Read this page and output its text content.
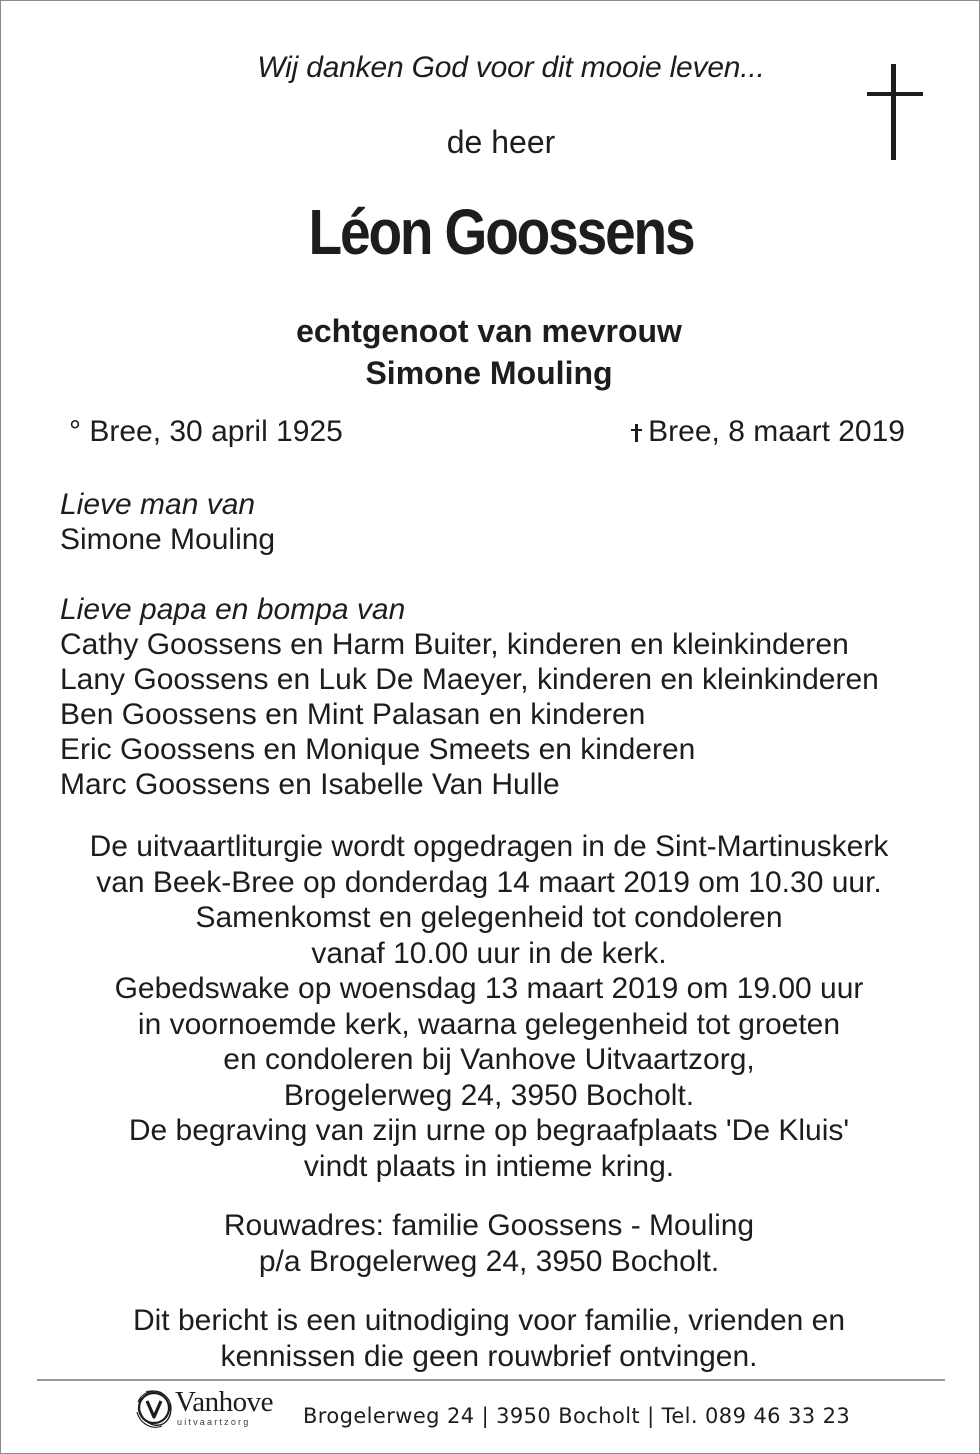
Wij danken God voor dit mooie leven...
de heer
Léon Goossens
echtgenoot van mevrouw
Simone Mouling
° Bree, 30 april 1925	Bree, 8 maart 2019
Lieve man van
Simone Mouling
Lieve papa en bompa van
Cathy Goossens en Harm Buiter, kinderen en kleinkinderen
Lany Goossens en Luk De Maeyer, kinderen en kleinkinderen
Ben Goossens en Mint Palasan en kinderen
Eric Goossens en Monique Smeets en kinderen
Marc Goossens en Isabelle Van Hulle
De uitvaartliturgie wordt opgedragen in de Sint-Martinuskerk
van Beek-Bree op donderdag 14 maart 2019 om 10.30 uur.
Samenkomst en gelegenheid tot condoleren
vanaf 10.00 uur in de kerk.
Gebedswake op woensdag 13 maart 2019 om 19.00 uur
in voornoemde kerk, waarna gelegenheid tot groeten
en condoleren bij Vanhove Uitvaartzorg,
Brogelerweg 24, 3950 Bocholt.
De begraving van zijn urne op begraafplaats 'De Kluis'
vindt plaats in intieme kring.
Rouwadres: familie Goossens - Mouling
p/a Brogelerweg 24, 3950 Bocholt.
Dit bericht is een uitnodiging voor familie, vrienden en
kennissen die geen rouwbrief ontvingen.
Vanhove
uitvaartzorg	Brogelerweg 24 | 3950 Bocholt | Tel. 089 46 33 23
